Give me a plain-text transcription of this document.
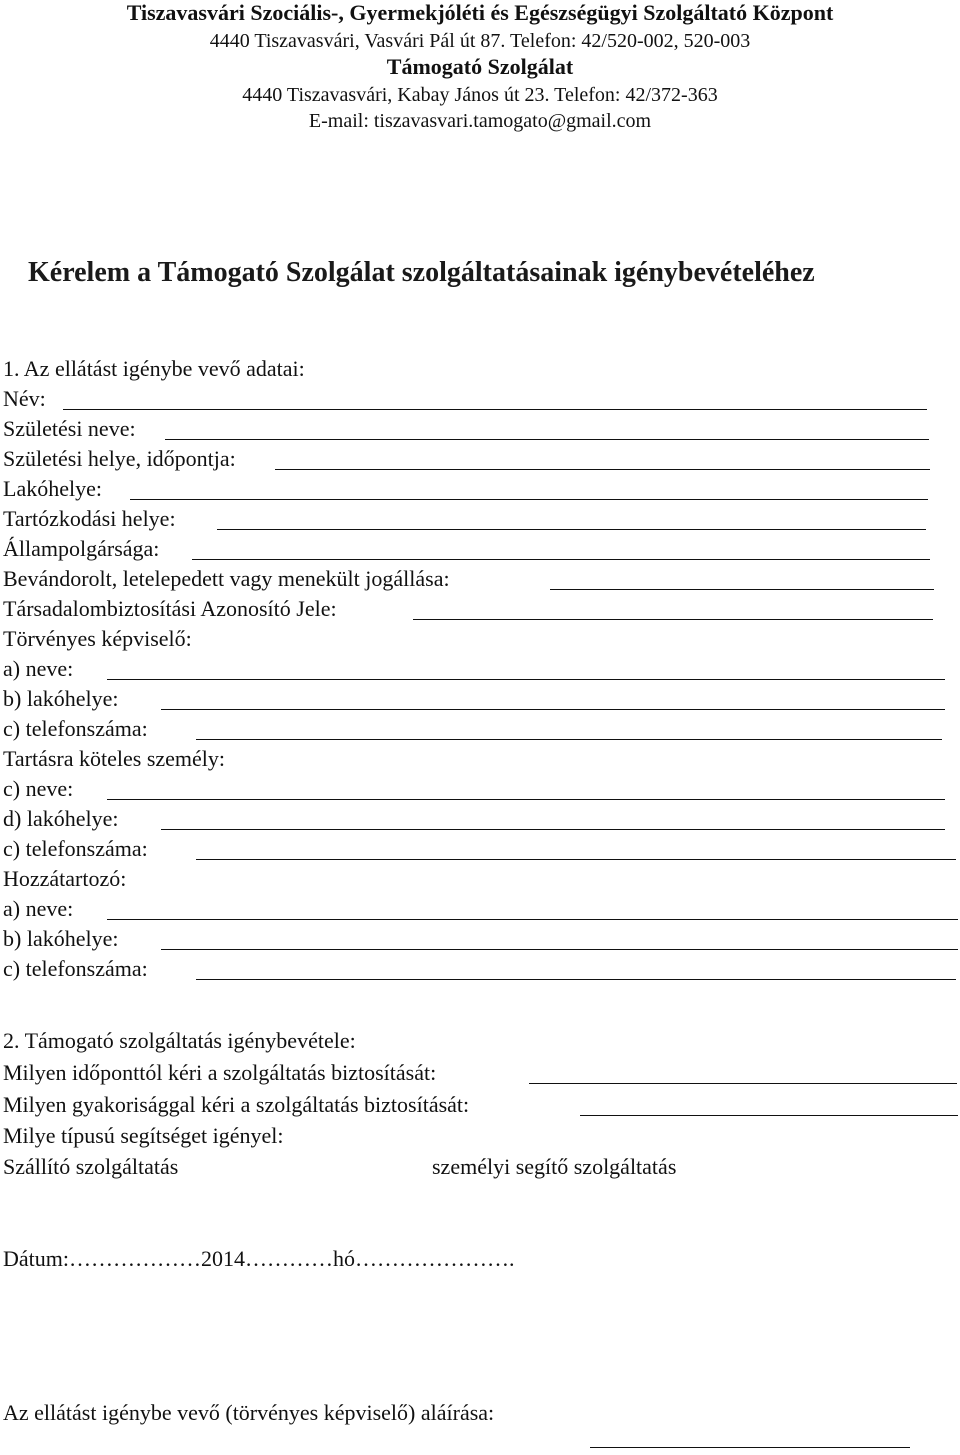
Tiszavasvári Szociális-, Gyermekjóléti és Egészségügyi Szolgáltató Központ
4440 Tiszavasvári, Vasvári Pál út 87. Telefon: 42/520-002, 520-003
Támogató Szolgálat
4440 Tiszavasvári, Kabay János út 23. Telefon: 42/372-363
E-mail: tiszavasvari.tamogato@gmail.com
Kérelem a Támogató Szolgálat szolgáltatásainak igénybevételéhez
1. Az ellátást igénybe vevő adatai:
Név:
Születési neve:
Születési helye, időpontja:
Lakóhelye:
Tartózkodási helye:
Állampolgársága:
Bevándorolt, letelepedett vagy menekült jogállása:
Társadalombiztosítási Azonosító Jele:
Törvényes képviselő:
a) neve:
b) lakóhelye:
c) telefonszáma:
Tartásra köteles személy:
c) neve:
d) lakóhelye:
c) telefonszáma:
Hozzátartozó:
a) neve:
b) lakóhelye:
c) telefonszáma:
2. Támogató szolgáltatás igénybevétele:
Milyen időponttól kéri a szolgáltatás biztosítását:
Milyen gyakorisággal kéri a szolgáltatás biztosítását:
Milye típusú segítséget igényel:
Szállító szolgáltatás	személyi segítő szolgáltatás
Dátum:………………2014…………hó………………….
Az ellátást igénybe vevő (törvényes képviselő) aláírása:
